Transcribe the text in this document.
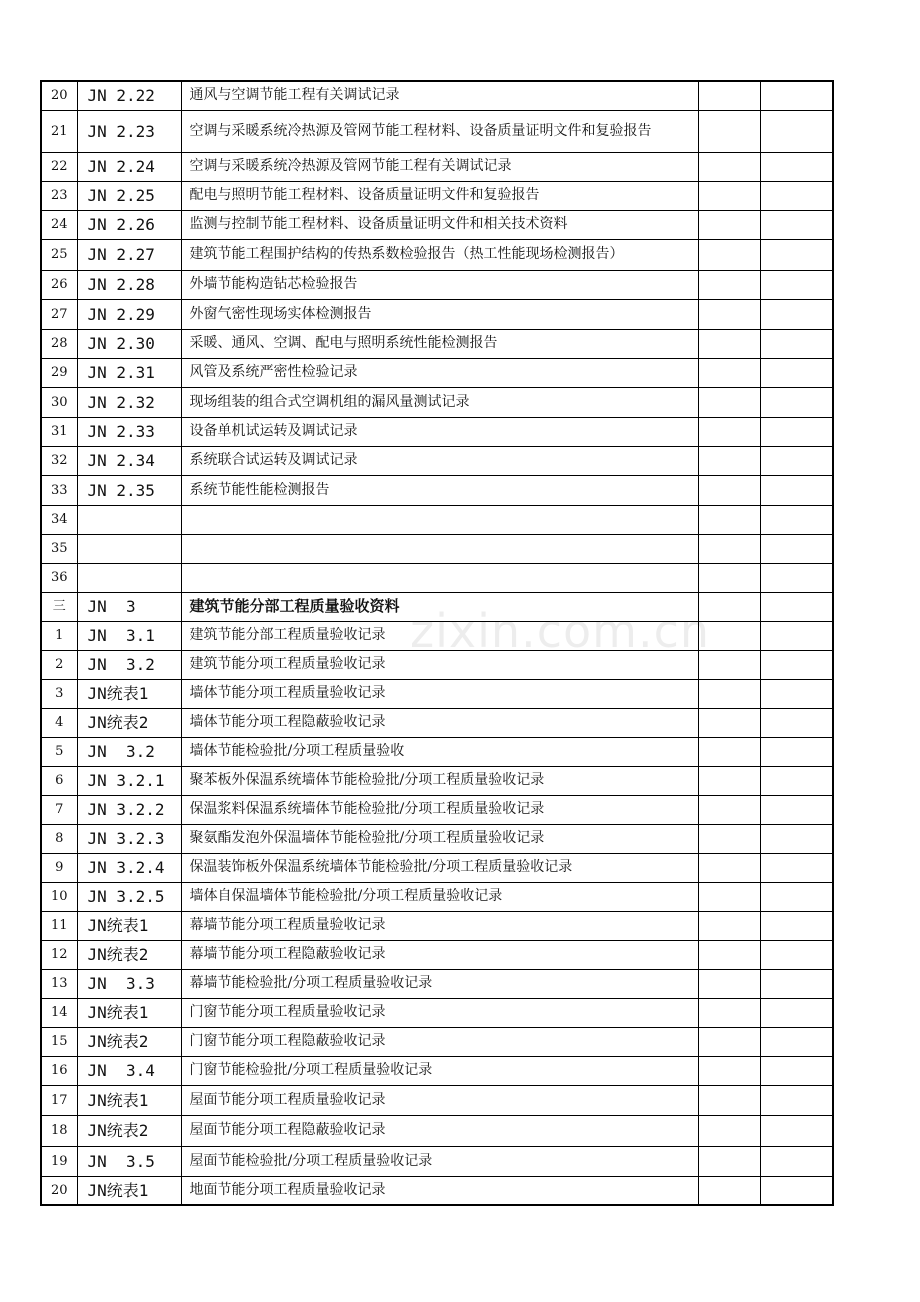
20	JN 2.22	通风与空调节能工程有关调试记录		
21	JN 2.23	空调与采暖系统冷热源及管网节能工程材料、设备质量证明文件和复验报告		
22	JN 2.24	空调与采暖系统冷热源及管网节能工程有关调试记录		
23	JN 2.25	配电与照明节能工程材料、设备质量证明文件和复验报告		
24	JN 2.26	监测与控制节能工程材料、设备质量证明文件和相关技术资料		
25	JN 2.27	建筑节能工程围护结构的传热系数检验报告（热工性能现场检测报告）		
26	JN 2.28	外墙节能构造钻芯检验报告		
27	JN 2.29	外窗气密性现场实体检测报告		
28	JN 2.30	采暖、通风、空调、配电与照明系统性能检测报告		
29	JN 2.31	风管及系统严密性检验记录		
30	JN 2.32	现场组装的组合式空调机组的漏风量测试记录		
31	JN 2.33	设备单机试运转及调试记录		
32	JN 2.34	系统联合试运转及调试记录		
33	JN 2.35	系统节能性能检测报告		
34				
35				
36				
三	JN  3	建筑节能分部工程质量验收资料		
1	JN  3.1	建筑节能分部工程质量验收记录		
2	JN  3.2	建筑节能分项工程质量验收记录		
3	JN统表1	墙体节能分项工程质量验收记录		
4	JN统表2	墙体节能分项工程隐蔽验收记录		
5	JN  3.2	墙体节能检验批/分项工程质量验收		
6	JN 3.2.1	聚苯板外保温系统墙体节能检验批/分项工程质量验收记录		
7	JN 3.2.2	保温浆料保温系统墙体节能检验批/分项工程质量验收记录		
8	JN 3.2.3	聚氨酯发泡外保温墙体节能检验批/分项工程质量验收记录		
9	JN 3.2.4	保温装饰板外保温系统墙体节能检验批/分项工程质量验收记录		
10	JN 3.2.5	墙体自保温墙体节能检验批/分项工程质量验收记录		
11	JN统表1	幕墙节能分项工程质量验收记录		
12	JN统表2	幕墙节能分项工程隐蔽验收记录		
13	JN  3.3	幕墙节能检验批/分项工程质量验收记录		
14	JN统表1	门窗节能分项工程质量验收记录		
15	JN统表2	门窗节能分项工程隐蔽验收记录		
16	JN  3.4	门窗节能检验批/分项工程质量验收记录		
17	JN统表1	屋面节能分项工程质量验收记录		
18	JN统表2	屋面节能分项工程隐蔽验收记录		
19	JN  3.5	屋面节能检验批/分项工程质量验收记录		
20	JN统表1	地面节能分项工程质量验收记录		
zixin.com.cn
